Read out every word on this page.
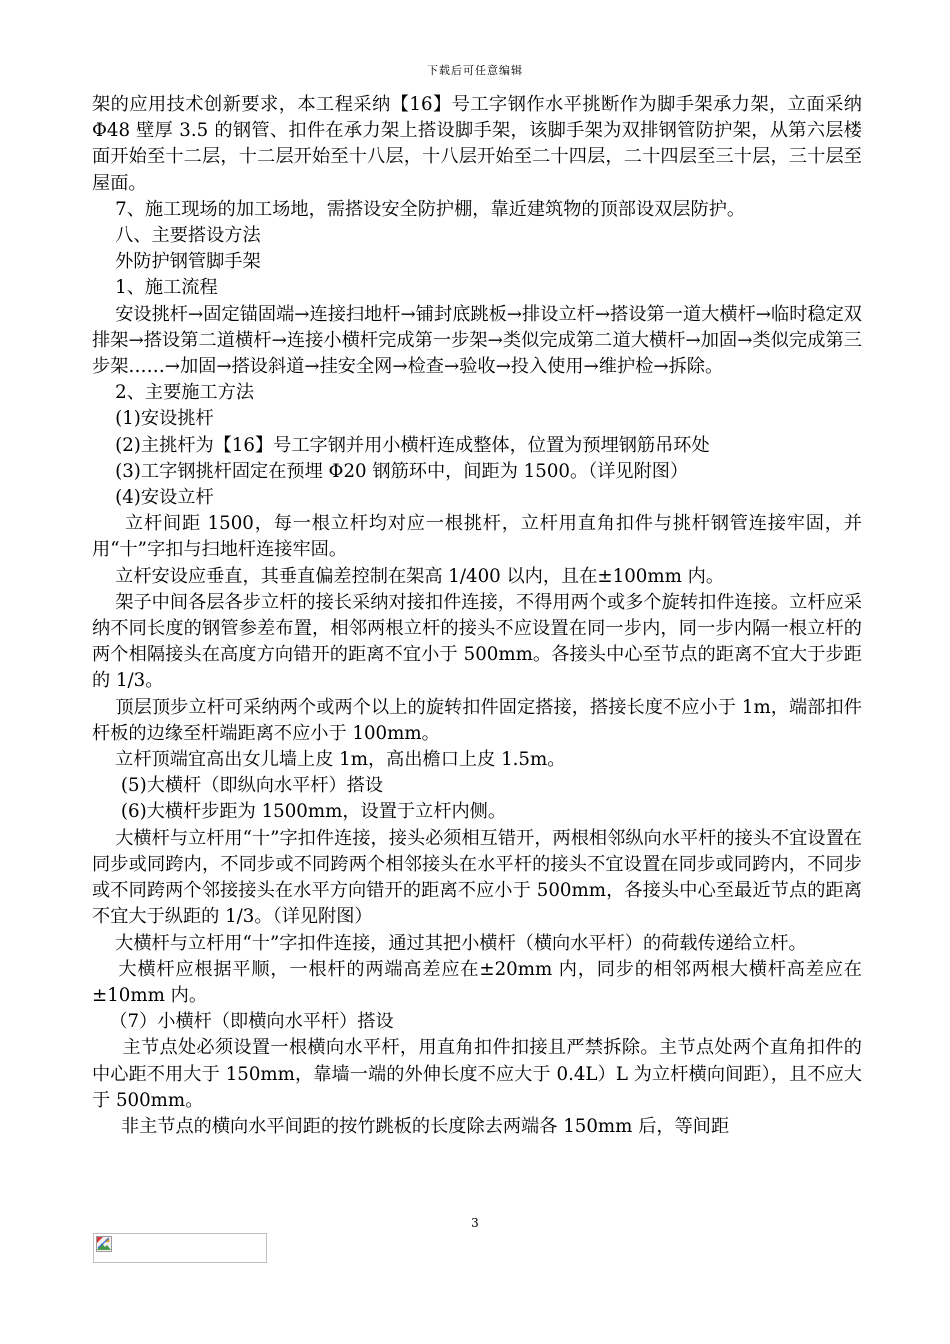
下载后可任意编辑

架的应用技术创新要求，本工程采纳【16】号工字钢作水平挑断作为脚手架承力架，立面采纳 Φ48 壁厚 3.5 的钢管、扣件在承力架上搭设脚手架，该脚手架为双排钢管防护架，从第六层楼面开始至十二层，十二层开始至十八层，十八层开始至二十四层，二十四层至三十层，三十层至屋面。

7、施工现场的加工场地，需搭设安全防护棚，靠近建筑物的顶部设双层防护。

八、主要搭设方法

外防护钢管脚手架

1、施工流程

安设挑杆→固定锚固端→连接扫地杆→铺封底跳板→排设立杆→搭设第一道大横杆→临时稳定双排架→搭设第二道横杆→连接小横杆完成第一步架→类似完成第二道大横杆→加固→类似完成第三步架……→加固→搭设斜道→挂安全网→检查→验收→投入使用→维护检→拆除。

2、主要施工方法

(1)安设挑杆

(2)主挑杆为【16】号工字钢并用小横杆连成整体，位置为预埋钢筋吊环处

(3)工字钢挑杆固定在预埋 Φ20 钢筋环中，间距为 1500。（详见附图）

(4)安设立杆

立杆间距 1500，每一根立杆均对应一根挑杆，立杆用直角扣件与挑杆钢管连接牢固，并用“十”字扣与扫地杆连接牢固。

立杆安设应垂直，其垂直偏差控制在架高 1/400 以内，且在±100mm 内。

架子中间各层各步立杆的接长采纳对接扣件连接，不得用两个或多个旋转扣件连接。立杆应采纳不同长度的钢管参差布置，相邻两根立杆的接头不应设置在同一步内，同一步内隔一根立杆的两个相隔接头在高度方向错开的距离不宜小于 500mm。各接头中心至节点的距离不宜大于步距的 1/3。

顶层顶步立杆可采纳两个或两个以上的旋转扣件固定搭接，搭接长度不应小于 1m，端部扣件杆板的边缘至杆端距离不应小于 100mm。

立杆顶端宜高出女儿墙上皮 1m，高出檐口上皮 1.5m。

(5)大横杆（即纵向水平杆）搭设

(6)大横杆步距为 1500mm，设置于立杆内侧。

大横杆与立杆用“十”字扣件连接，接头必须相互错开，两根相邻纵向水平杆的接头不宜设置在同步或同跨内，不同步或不同跨两个相邻接头在水平杆的接头不宜设置在同步或同跨内，不同步或不同跨两个邻接接头在水平方向错开的距离不应小于 500mm，各接头中心至最近节点的距离不宜大于纵距的 1/3。（详见附图）

大横杆与立杆用“十”字扣件连接，通过其把小横杆（横向水平杆）的荷载传递给立杆。

大横杆应根据平顺，一根杆的两端高差应在±20mm 内，同步的相邻两根大横杆高差应在±10mm 内。

（7）小横杆（即横向水平杆）搭设

主节点处必须设置一根横向水平杆，用直角扣件扣接且严禁拆除。主节点处两个直角扣件的中心距不用大于 150mm，靠墙一端的外伸长度不应大于 0.4L）L 为立杆横向间距），且不应大于 500mm。

非主节点的横向水平间距的按竹跳板的长度除去两端各 150mm 后，等间距

3
